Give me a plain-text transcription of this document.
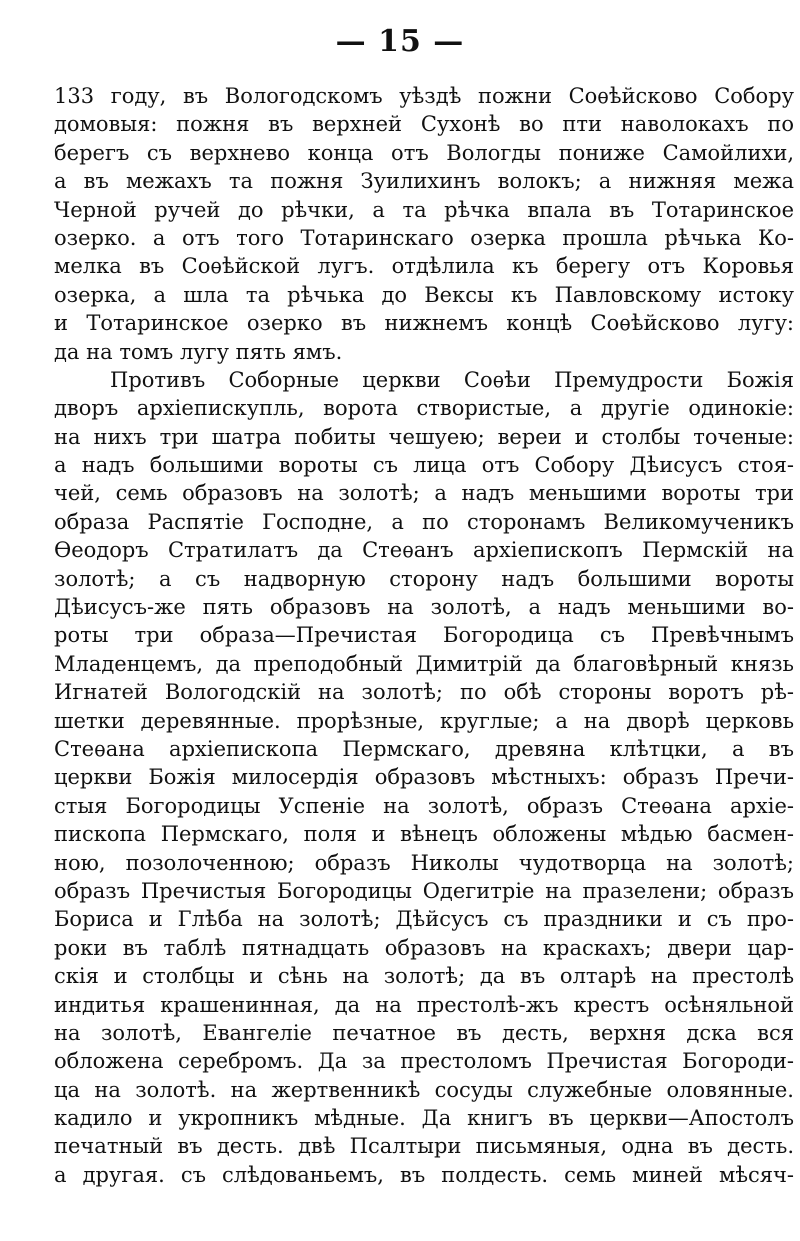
— 15 —
133 году, въ Вологодскомъ уѣздѣ пожни Соѳѣйсково Собору
домовыя: пожня въ верхней Сухонѣ во пти наволокахъ по
берегъ съ верхнево конца отъ Вологды пониже Самойлихи,
а въ межахъ та пожня Зуилихинъ волокъ; а нижняя межа
Черной ручей до рѣчки, а та рѣчка впала въ Тотаринское
озерко. а отъ того Тотаринскаго озерка прошла рѣчька Ко-
мелка въ Соѳѣйской лугъ. отдѣлила къ берегу отъ Коровья
озерка, а шла та рѣчька до Вексы къ Павловскому истоку
и Тотаринское озерко въ нижнемъ концѣ Соѳѣйсково лугу:
да на томъ лугу пять ямъ.
Противъ Соборные церкви Соѳѣи Премудрости Божія
дворъ архіепискупль, ворота створистые, а другіе одинокіе:
на нихъ три шатра побиты чешуею; вереи и столбы точеные:
а надъ большими вороты съ лица отъ Собору Дѣисусъ стоя-
чей, семь образовъ на золотѣ; а надъ меньшими вороты три
образа Распятіе Господне, а по сторонамъ Великомученикъ
Ѳеодоръ Стратилатъ да Стеѳанъ архіепископъ Пермскій на
золотѣ; а съ надворную сторону надъ большими вороты
Дѣисусъ-же пять образовъ на золотѣ, а надъ меньшими во-
роты три образа—Пречистая Богородица съ Превѣчнымъ
Младенцемъ, да преподобный Димитрій да благовѣрный князь
Игнатей Вологодскій на золотѣ; по обѣ стороны воротъ рѣ-
шетки деревянные. прорѣзные, круглые; а на дворѣ церковь
Стеѳана архіепископа Пермскаго, древяна клѣтцки, а въ
церкви Божія милосердія образовъ мѣстныхъ: образъ Пречи-
стыя Богородицы Успеніе на золотѣ, образъ Стеѳана архіе-
пископа Пермскаго, поля и вѣнецъ обложены мѣдью басмен-
ною, позолоченною; образъ Николы чудотворца на золотѣ;
образъ Пречистыя Богородицы Одегитріе на празелени; образъ
Бориса и Глѣба на золотѣ; Дѣйсусъ съ праздники и съ про-
роки въ таблѣ пятнадцать образовъ на краскахъ; двери цар-
скія и столбцы и сѣнь на золотѣ; да въ олтарѣ на престолѣ
индитья крашенинная, да на престолѣ-жъ крестъ осѣняльной
на золотѣ, Евангеліе печатное въ десть, верхня дска вся
обложена серебромъ. Да за престоломъ Пречистая Богороди-
ца на золотѣ. на жертвенникѣ сосуды служебные оловянные.
кадило и укропникъ мѣдные. Да книгъ въ церкви—Апостолъ
печатный въ десть. двѣ Псалтыри письмяныя, одна въ десть.
а другая. съ слѣдованьемъ, въ полдесть. семь миней мѣсяч-
